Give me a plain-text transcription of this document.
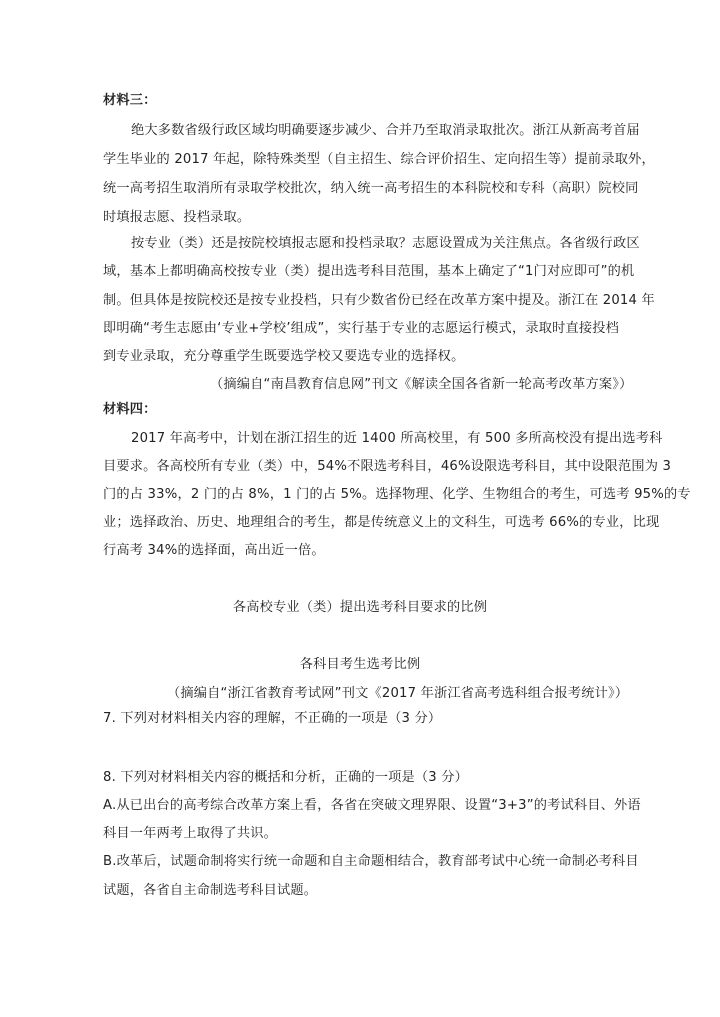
材料三：
绝大多数省级行政区域均明确要逐步减少、合并乃至取消录取批次。浙江从新高考首届
学生毕业的 2017 年起，除特殊类型（自主招生、综合评价招生、定向招生等）提前录取外，
统一高考招生取消所有录取学校批次，纳入统一高考招生的本科院校和专科（高职）院校同
时填报志愿、投档录取。
按专业（类）还是按院校填报志愿和投档录取？志愿设置成为关注焦点。各省级行政区
域，基本上都明确高校按专业（类）提出选考科目范围，基本上确定了“1门对应即可”的机
制。但具体是按院校还是按专业投档，只有少数省份已经在改革方案中提及。浙江在 2014 年
即明确“考生志愿由‘专业+学校’组成”，实行基于专业的志愿运行模式，录取时直接投档
到专业录取，充分尊重学生既要选学校又要选专业的选择权。
（摘编自“南昌教育信息网”刊文《解读全国各省新一轮高考改革方案》）
材料四：
2017 年高考中，计划在浙江招生的近 1400 所高校里，有 500 多所高校没有提出选考科
目要求。各高校所有专业（类）中，54%不限选考科目，46%设限选考科目，其中设限范围为 3
门的占 33%，2 门的占 8%，1 门的占 5%。选择物理、化学、生物组合的考生，可选考 95%的专
业；选择政治、历史、地理组合的考生，都是传统意义上的文科生，可选考 66%的专业，比现
行高考 34%的选择面，高出近一倍。
各高校专业（类）提出选考科目要求的比例
各科目考生选考比例
（摘编自“浙江省教育考试网”刊文《2017 年浙江省高考选科组合报考统计》）
7. 下列对材料相关内容的理解，不正确的一项是（3 分）
8. 下列对材料相关内容的概括和分析，正确的一项是（3 分）
A.从已出台的高考综合改革方案上看，各省在突破文理界限、设置“3+3”的考试科目、外语
科目一年两考上取得了共识。
B.改革后，试题命制将实行统一命题和自主命题相结合，教育部考试中心统一命制必考科目
试题，各省自主命制选考科目试题。
